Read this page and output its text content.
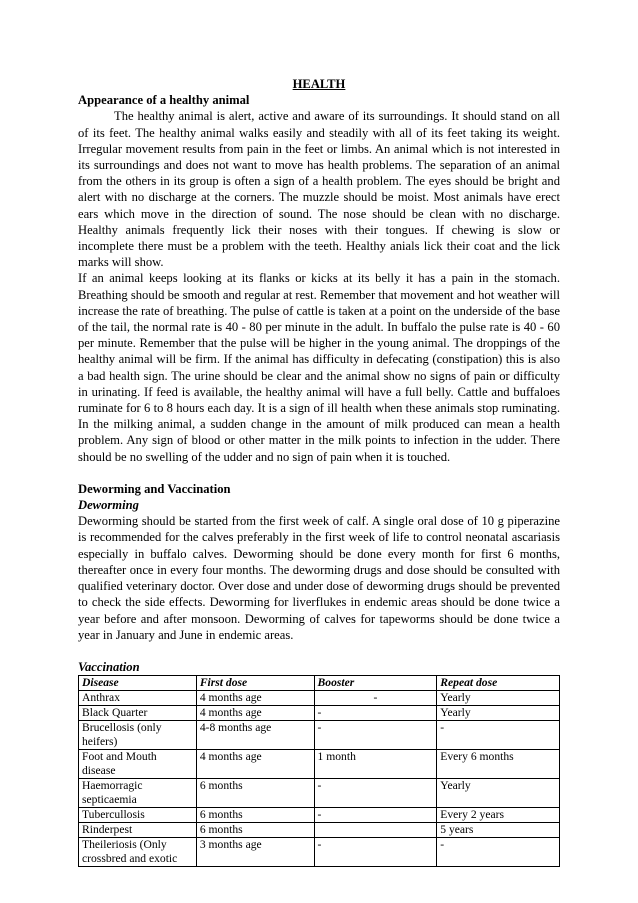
HEALTH
Appearance of a healthy animal

The healthy animal is alert, active and aware of its surroundings. It should stand on all of its feet. The healthy animal walks easily and steadily with all of its feet taking its weight. Irregular movement results from pain in the feet or limbs. An animal which is not interested in its surroundings and does not want to move has health problems. The separation of an animal from the others in its group is often a sign of a health problem. The eyes should be bright and alert with no discharge at the corners. The muzzle should be moist. Most animals have erect ears which move in the direction of sound. The nose should be clean with no discharge. Healthy animals frequently lick their noses with their tongues. If chewing is slow or incomplete there must be a problem with the teeth. Healthy anials lick their coat and the lick marks will show.

If an animal keeps looking at its flanks or kicks at its belly it has a pain in the stomach. Breathing should be smooth and regular at rest. Remember that movement and hot weather will increase the rate of breathing. The pulse of cattle is taken at a point on the underside of the base of the tail, the normal rate is 40 - 80 per minute in the adult. In buffalo the pulse rate is 40 - 60 per minute. Remember that the pulse will be higher in the young animal. The droppings of the healthy animal will be firm. If the animal has difficulty in defecating (constipation) this is also a bad health sign. The urine should be clear and the animal show no signs of pain or difficulty in urinating. If feed is available, the healthy animal will have a full belly. Cattle and buffaloes ruminate for 6 to 8 hours each day. It is a sign of ill health when these animals stop ruminating. In the milking animal, a sudden change in the amount of milk produced can mean a health problem. Any sign of blood or other matter in the milk points to infection in the udder. There should be no swelling of the udder and no sign of pain when it is touched.

Deworming and Vaccination
Deworming

Deworming should be started from the first week of calf. A single oral dose of 10 g piperazine is recommended for the calves preferably in the first week of life to control neonatal ascariasis especially in buffalo calves. Deworming should be done every month for first 6 months, thereafter once in every four months. The deworming drugs and dose should be consulted with qualified veterinary doctor. Over dose and under dose of deworming drugs should be prevented to check the side effects. Deworming for liverflukes in endemic areas should be done twice a year before and after monsoon. Deworming of calves for tapeworms should be done twice a year in January and June in endemic areas.

Vaccination
Disease	First dose	Booster	Repeat dose
Anthrax	4 months age	-	Yearly
Black Quarter	4 months age	-	Yearly
Brucellosis (only heifers)	4-8 months age	-	-
Foot and Mouth disease	4 months age	1 month	Every 6 months
Haemorragic septicaemia	6 months	-	Yearly
Tubercullosis	6 months	-	Every 2 years
Rinderpest	6 months		5 years
Theileriosis (Only crossbred and exotic	3 months age	-	-
